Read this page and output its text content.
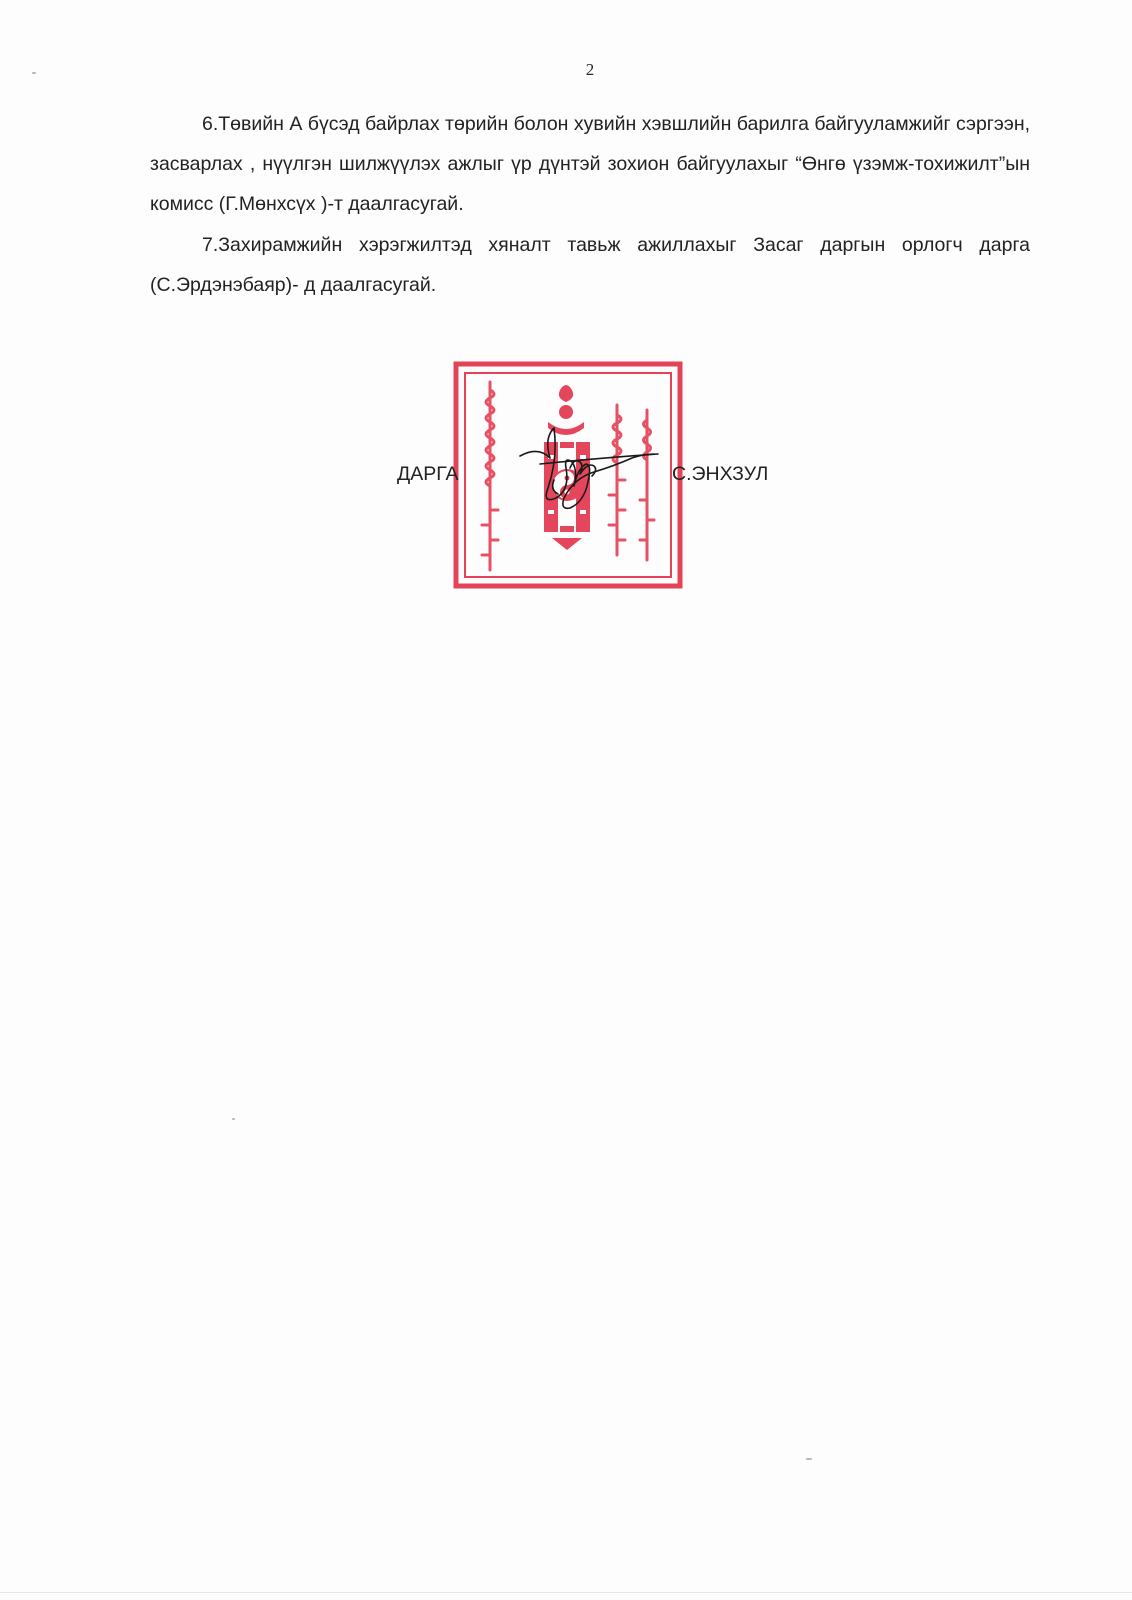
2

6.Төвийн А бүсэд байрлах төрийн болон хувийн хэвшлийн барилга байгууламжийг сэргээн, засварлах , нүүлгэн шилжүүлэх ажлыг үр дүнтэй зохион байгуулахыг “Өнгө үзэмж-тохижилт”ын комисс (Г.Мөнхсүх )-т даалгасугай.

7.Захирамжийн хэрэгжилтэд хяналт тавьж ажиллахыг Засаг даргын орлогч дарга (С.Эрдэнэбаяр)- д даалгасугай.

ДАРГА	С.ЭНХЗУЛ
